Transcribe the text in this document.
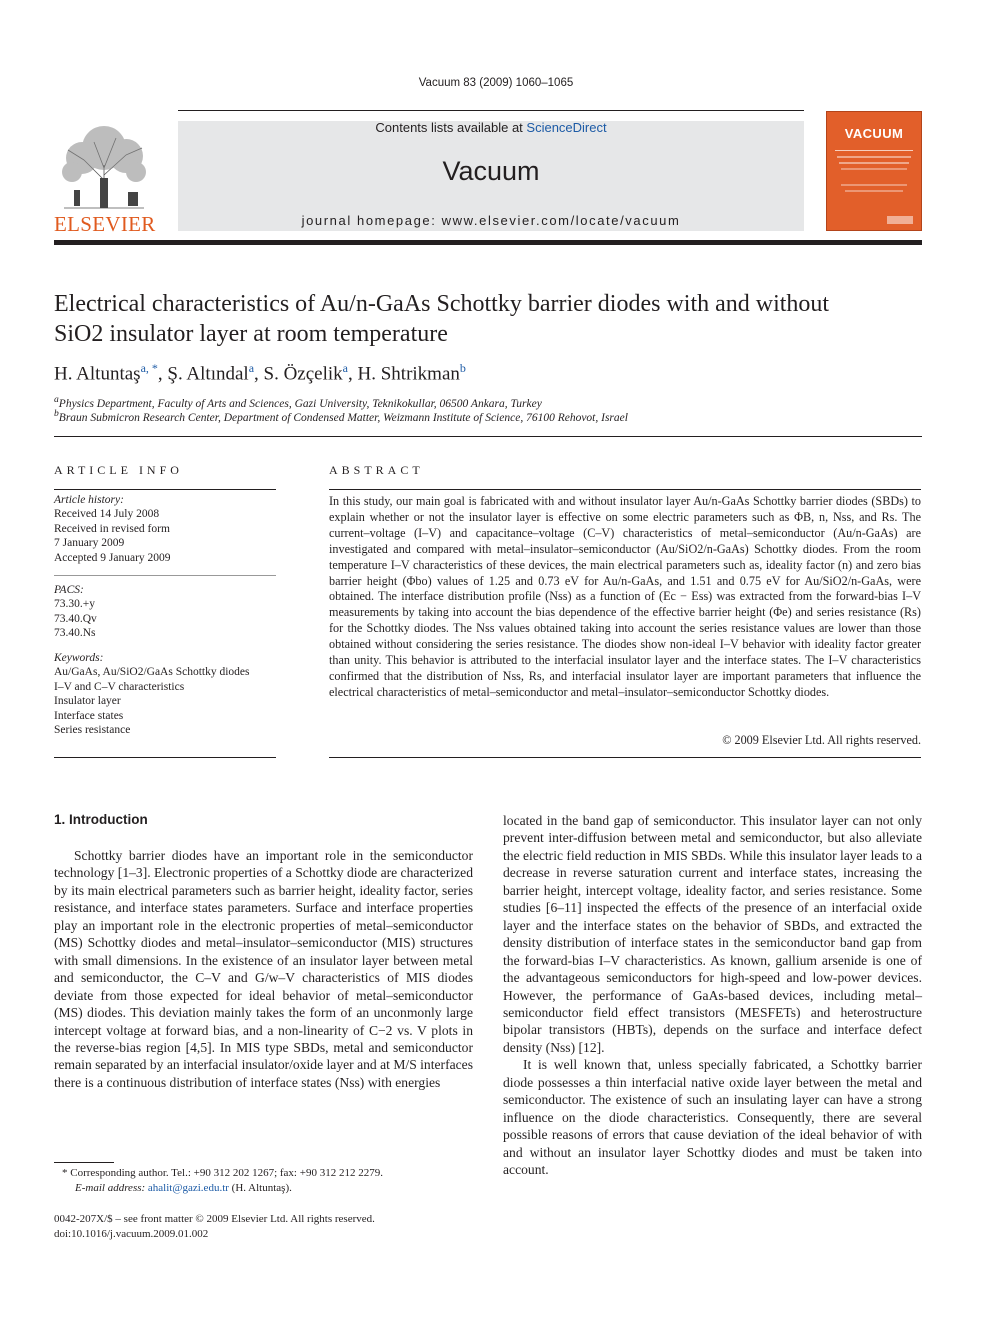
Vacuum 83 (2009) 1060–1065
Contents lists available at ScienceDirect
Vacuum
journal homepage: www.elsevier.com/locate/vacuum
ELSEVIER
VACUUM
Electrical characteristics of Au/n-GaAs Schottky barrier diodes with and without
SiO2 insulator layer at room temperature
H. Altuntaş$^{a, *}$, Ş. Altındal$^a$, S. Özçelik$^a$, H. Shtrikman$^b$
$^a$Physics Department, Faculty of Arts and Sciences, Gazi University, Teknikokullar, 06500 Ankara, Turkey
$^b$Braun Submicron Research Center, Department of Condensed Matter, Weizmann Institute of Science, 76100 Rehovot, Israel
ARTICLE INFO
Article history:
Received 14 July 2008
Received in revised form
7 January 2009
Accepted 9 January 2009
PACS:
73.30.+y
73.40.Qv
73.40.Ns
Keywords:
Au/GaAs, Au/SiO2/GaAs Schottky diodes
I–V and C–V characteristics
Insulator layer
Interface states
Series resistance
ABSTRACT
In this study, our main goal is fabricated with and without insulator layer Au/n-GaAs Schottky barrier diodes (SBDs) to explain whether or not the insulator layer is effective on some electric parameters such as ΦB, n, Nss, and Rs. The current–voltage (I–V) and capacitance–voltage (C–V) characteristics of metal–semiconductor (Au/n-GaAs) are investigated and compared with metal–insulator–semiconductor (Au/SiO2/n-GaAs) Schottky diodes. From the room temperature I–V characteristics of these devices, the main electrical parameters such as, ideality factor (n) and zero bias barrier height (Φbo) values of 1.25 and 0.73 eV for Au/n-GaAs, and 1.51 and 0.75 eV for Au/SiO2/n-GaAs, were obtained. The interface distribution profile (Nss) as a function of (Ec − Ess) was extracted from the forward-bias I–V measurements by taking into account the bias dependence of the effective barrier height (Φe) and series resistance (Rs) for the Schottky diodes. The Nss values obtained taking into account the series resistance values are lower than those obtained without considering the series resistance. The diodes show non-ideal I–V behavior with ideality factor greater than unity. This behavior is attributed to the interfacial insulator layer and the interface states. The I–V characteristics confirmed that the distribution of Nss, Rs, and interfacial insulator layer are important parameters that influence the electrical characteristics of metal–semiconductor and metal–insulator–semiconductor Schottky diodes.
© 2009 Elsevier Ltd. All rights reserved.
1. Introduction

Schottky barrier diodes have an important role in the semiconductor technology [1–3]. Electronic properties of a Schottky diode are characterized by its main electrical parameters such as barrier height, ideality factor, series resistance, and interface states parameters. Surface and interface properties play an important role in the electronic properties of metal–semiconductor (MS) Schottky diodes and metal–insulator–semiconductor (MIS) structures with small dimensions. In the existence of an insulator layer between metal and semiconductor, the C–V and G/w–V characteristics of MIS diodes deviate from those expected for ideal behavior of metal–semiconductor (MS) diodes. This deviation mainly takes the form of an unconmonly large intercept voltage at forward bias, and a non-linearity of C−2 vs. V plots in the reverse-bias region [4,5]. In MIS type SBDs, metal and semiconductor remain separated by an interfacial insulator/oxide layer and at M/S interfaces there is a continuous distribution of interface states (Nss) with energies

located in the band gap of semiconductor. This insulator layer can not only prevent inter-diffusion between metal and semiconductor, but also alleviate the electric field reduction in MIS SBDs. While this insulator layer leads to a decrease in reverse saturation current and interface states, increasing the barrier height, intercept voltage, ideality factor, and series resistance. Some studies [6–11] inspected the effects of the presence of an interfacial oxide layer and the interface states on the behavior of SBDs, and extracted the density distribution of interface states in the semiconductor band gap from the forward-bias I–V characteristics. As known, gallium arsenide is one of the advantageous semiconductors for high-speed and low-power devices. However, the performance of GaAs-based devices, including metal–semiconductor field effect transistors (MESFETs) and heterostructure bipolar transistors (HBTs), depends on the surface and interface defect density (Nss) [12].

It is well known that, unless specially fabricated, a Schottky barrier diode possesses a thin interfacial native oxide layer between the metal and semiconductor. The existence of such an insulating layer can have a strong influence on the diode characteristics. Consequently, there are several possible reasons of errors that cause deviation of the ideal behavior of with and without an insulator layer Schottky diodes and must be taken into account.

* Corresponding author. Tel.: +90 312 202 1267; fax: +90 312 212 2279.
E-mail address: ahalit@gazi.edu.tr (H. Altuntaş).
0042-207X/$ – see front matter © 2009 Elsevier Ltd. All rights reserved.
doi:10.1016/j.vacuum.2009.01.002
